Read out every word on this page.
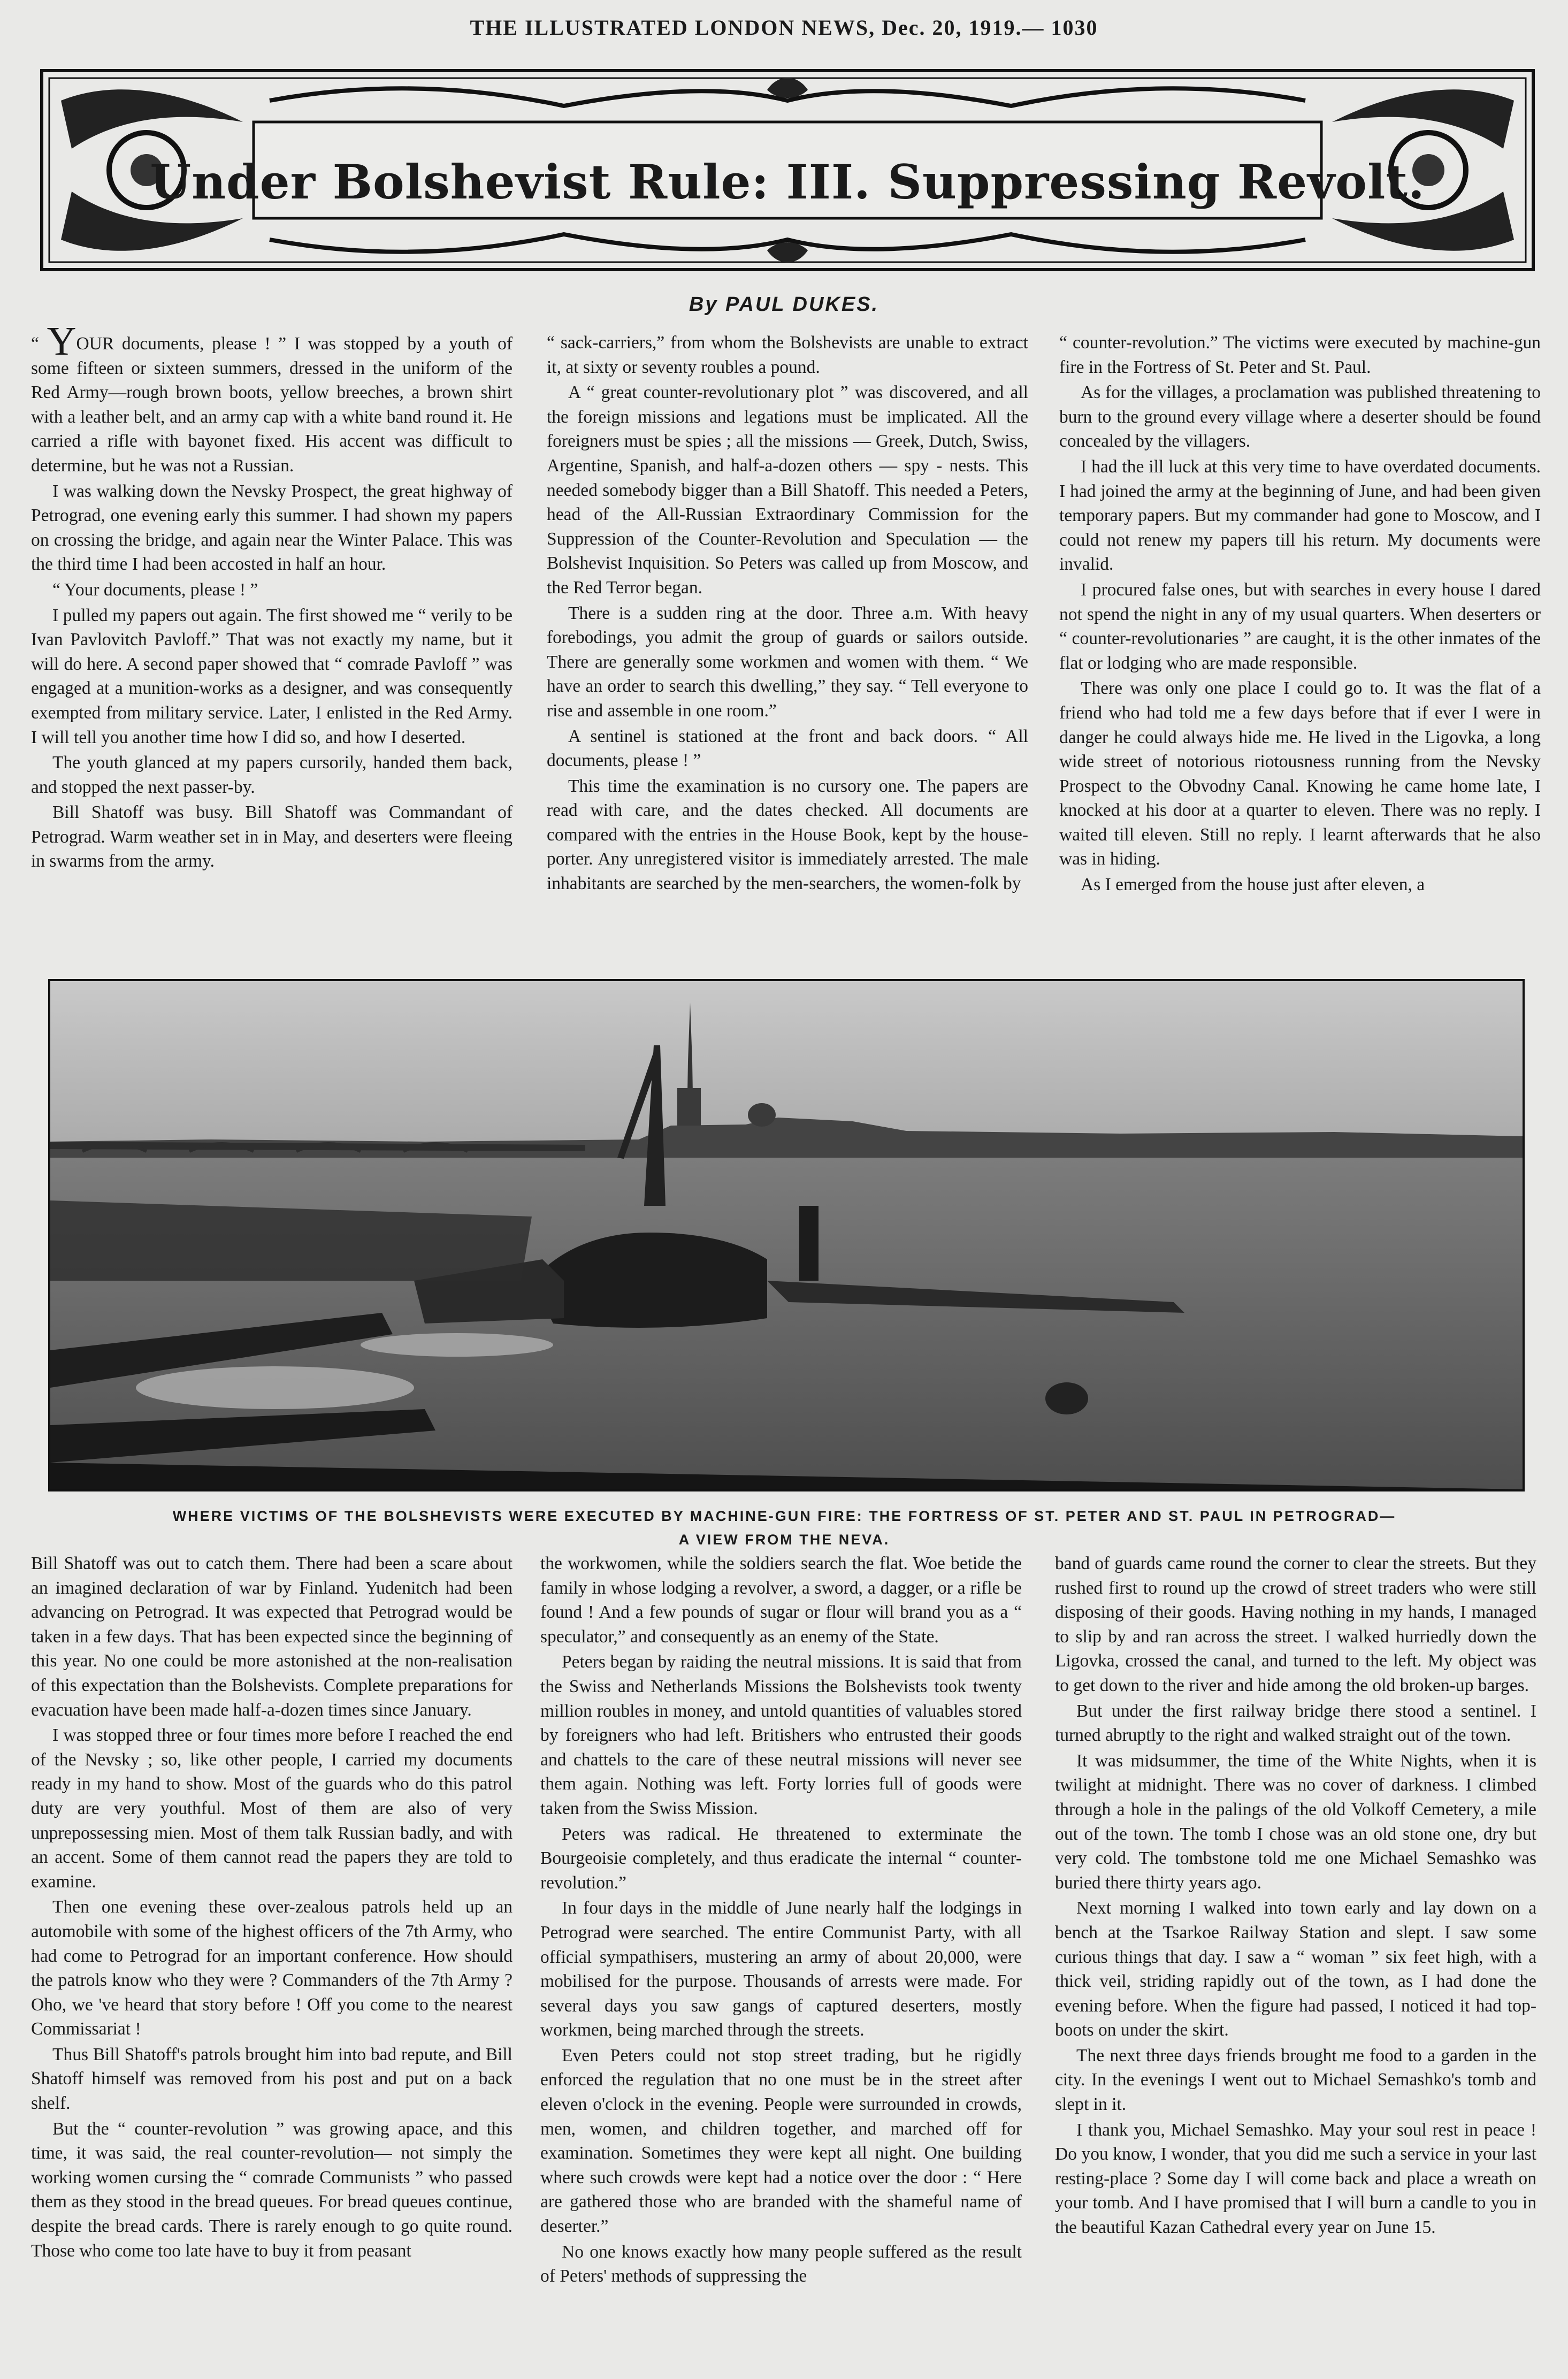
THE ILLUSTRATED LONDON NEWS, Dec. 20, 1919.— 1030
Under Bolshevist Rule: III. Suppressing Revolt.
By PAUL DUKES.

“ YOUR documents, please ! ” I was stopped by a youth of some fifteen or sixteen summers, dressed in the uniform of the Red Army—rough brown boots, yellow breeches, a brown shirt with a leather belt, and an army cap with a white band round it. He carried a rifle with bayonet fixed. His accent was difficult to determine, but he was not a Russian.

I was walking down the Nevsky Prospect, the great highway of Petrograd, one evening early this summer. I had shown my papers on crossing the bridge, and again near the Winter Palace. This was the third time I had been accosted in half an hour.

“ Your documents, please ! ”

I pulled my papers out again. The first showed me “ verily to be Ivan Pavlovitch Pavloff.” That was not exactly my name, but it will do here. A second paper showed that “ comrade Pavloff ” was engaged at a munition-works as a designer, and was consequently exempted from military service. Later, I enlisted in the Red Army. I will tell you another time how I did so, and how I deserted.

The youth glanced at my papers cursorily, handed them back, and stopped the next passer-by.

Bill Shatoff was busy. Bill Shatoff was Commandant of Petrograd. Warm weather set in in May, and deserters were fleeing in swarms from the army.

“ sack-carriers,” from whom the Bolshevists are unable to extract it, at sixty or seventy roubles a pound.

A “ great counter-revolutionary plot ” was discovered, and all the foreign missions and legations must be implicated. All the foreigners must be spies ; all the missions — Greek, Dutch, Swiss, Argentine, Spanish, and half-a-dozen others — spy - nests. This needed somebody bigger than a Bill Shatoff. This needed a Peters, head of the All-Russian Extraordinary Commission for the Suppression of the Counter-Revolution and Speculation — the Bolshevist Inquisition. So Peters was called up from Moscow, and the Red Terror began.

There is a sudden ring at the door. Three a.m. With heavy forebodings, you admit the group of guards or sailors outside. There are generally some workmen and women with them. “ We have an order to search this dwelling,” they say. “ Tell everyone to rise and assemble in one room.”

A sentinel is stationed at the front and back doors. “ All documents, please ! ”

This time the examination is no cursory one. The papers are read with care, and the dates checked. All documents are compared with the entries in the House Book, kept by the house-porter. Any unregistered visitor is immediately arrested. The male inhabitants are searched by the men-searchers, the women-folk by

“ counter-revolution.” The victims were executed by machine-gun fire in the Fortress of St. Peter and St. Paul.

As for the villages, a proclamation was published threatening to burn to the ground every village where a deserter should be found concealed by the villagers.

I had the ill luck at this very time to have overdated documents. I had joined the army at the beginning of June, and had been given temporary papers. But my commander had gone to Moscow, and I could not renew my papers till his return. My documents were invalid.

I procured false ones, but with searches in every house I dared not spend the night in any of my usual quarters. When deserters or “ counter-revolutionaries ” are caught, it is the other inmates of the flat or lodging who are made responsible.

There was only one place I could go to. It was the flat of a friend who had told me a few days before that if ever I were in danger he could always hide me. He lived in the Ligovka, a long wide street of notorious riotousness running from the Nevsky Prospect to the Obvodny Canal. Knowing he came home late, I knocked at his door at a quarter to eleven. There was no reply. I waited till eleven. Still no reply. I learnt afterwards that he also was in hiding.

As I emerged from the house just after eleven, a

WHERE VICTIMS OF THE BOLSHEVISTS WERE EXECUTED BY MACHINE-GUN FIRE: THE FORTRESS OF ST. PETER AND ST. PAUL IN PETROGRAD—
A VIEW FROM THE NEVA.

Bill Shatoff was out to catch them. There had been a scare about an imagined declaration of war by Finland. Yudenitch had been advancing on Petrograd. It was expected that Petrograd would be taken in a few days. That has been expected since the beginning of this year. No one could be more astonished at the non-realisation of this expectation than the Bolshevists. Complete preparations for evacuation have been made half-a-dozen times since January.

I was stopped three or four times more before I reached the end of the Nevsky ; so, like other people, I carried my documents ready in my hand to show. Most of the guards who do this patrol duty are very youthful. Most of them are also of very unprepossessing mien. Most of them talk Russian badly, and with an accent. Some of them cannot read the papers they are told to examine.

Then one evening these over-zealous patrols held up an automobile with some of the highest officers of the 7th Army, who had come to Petrograd for an important conference. How should the patrols know who they were ? Commanders of the 7th Army ? Oho, we 've heard that story before ! Off you come to the nearest Commissariat !

Thus Bill Shatoff's patrols brought him into bad repute, and Bill Shatoff himself was removed from his post and put on a back shelf.

But the “ counter-revolution ” was growing apace, and this time, it was said, the real counter-revolution— not simply the working women cursing the “ comrade Communists ” who passed them as they stood in the bread queues. For bread queues continue, despite the bread cards. There is rarely enough to go quite round. Those who come too late have to buy it from peasant

the workwomen, while the soldiers search the flat. Woe betide the family in whose lodging a revolver, a sword, a dagger, or a rifle be found ! And a few pounds of sugar or flour will brand you as a “ speculator,” and consequently as an enemy of the State.

Peters began by raiding the neutral missions. It is said that from the Swiss and Netherlands Missions the Bolshevists took twenty million roubles in money, and untold quantities of valuables stored by foreigners who had left. Britishers who entrusted their goods and chattels to the care of these neutral missions will never see them again. Nothing was left. Forty lorries full of goods were taken from the Swiss Mission.

Peters was radical. He threatened to exterminate the Bourgeoisie completely, and thus eradicate the internal “ counter-revolution.”

In four days in the middle of June nearly half the lodgings in Petrograd were searched. The entire Communist Party, with all official sympathisers, mustering an army of about 20,000, were mobilised for the purpose. Thousands of arrests were made. For several days you saw gangs of captured deserters, mostly workmen, being marched through the streets.

Even Peters could not stop street trading, but he rigidly enforced the regulation that no one must be in the street after eleven o'clock in the evening. People were surrounded in crowds, men, women, and children together, and marched off for examination. Sometimes they were kept all night. One building where such crowds were kept had a notice over the door : “ Here are gathered those who are branded with the shameful name of deserter.”

No one knows exactly how many people suffered as the result of Peters' methods of suppressing the

band of guards came round the corner to clear the streets. But they rushed first to round up the crowd of street traders who were still disposing of their goods. Having nothing in my hands, I managed to slip by and ran across the street. I walked hurriedly down the Ligovka, crossed the canal, and turned to the left. My object was to get down to the river and hide among the old broken-up barges.

But under the first railway bridge there stood a sentinel. I turned abruptly to the right and walked straight out of the town.

It was midsummer, the time of the White Nights, when it is twilight at midnight. There was no cover of darkness. I climbed through a hole in the palings of the old Volkoff Cemetery, a mile out of the town. The tomb I chose was an old stone one, dry but very cold. The tombstone told me one Michael Semashko was buried there thirty years ago.

Next morning I walked into town early and lay down on a bench at the Tsarkoe Railway Station and slept. I saw some curious things that day. I saw a “ woman ” six feet high, with a thick veil, striding rapidly out of the town, as I had done the evening before. When the figure had passed, I noticed it had top-boots on under the skirt.

The next three days friends brought me food to a garden in the city. In the evenings I went out to Michael Semashko's tomb and slept in it.

I thank you, Michael Semashko. May your soul rest in peace ! Do you know, I wonder, that you did me such a service in your last resting-place ? Some day I will come back and place a wreath on your tomb. And I have promised that I will burn a candle to you in the beautiful Kazan Cathedral every year on June 15.
